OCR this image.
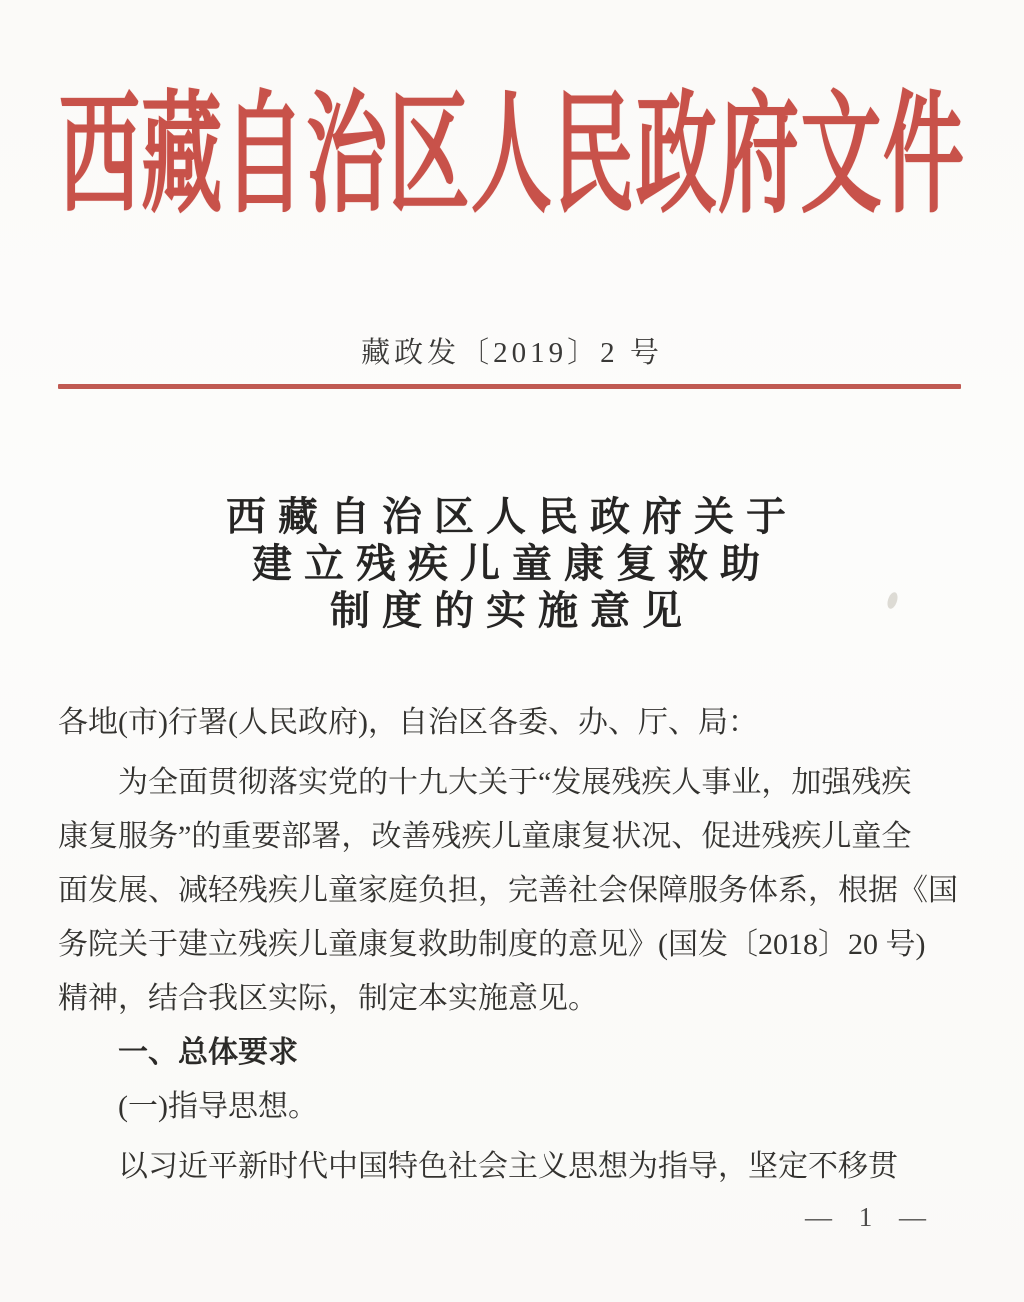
西藏自治区人民政府文件
藏政发〔2019〕2 号
西藏自治区人民政府关于
建立残疾儿童康复救助
制度的实施意见
各地(市)行署(人民政府)，自治区各委、办、厅、局：
为全面贯彻落实党的十九大关于“发展残疾人事业，加强残疾
康复服务”的重要部署，改善残疾儿童康复状况、促进残疾儿童全
面发展、减轻残疾儿童家庭负担，完善社会保障服务体系，根据《国
务院关于建立残疾儿童康复救助制度的意见》(国发〔2018〕20 号)
精神，结合我区实际，制定本实施意见。
一、总体要求
(一)指导思想。
以习近平新时代中国特色社会主义思想为指导，坚定不移贯
— 1 —
